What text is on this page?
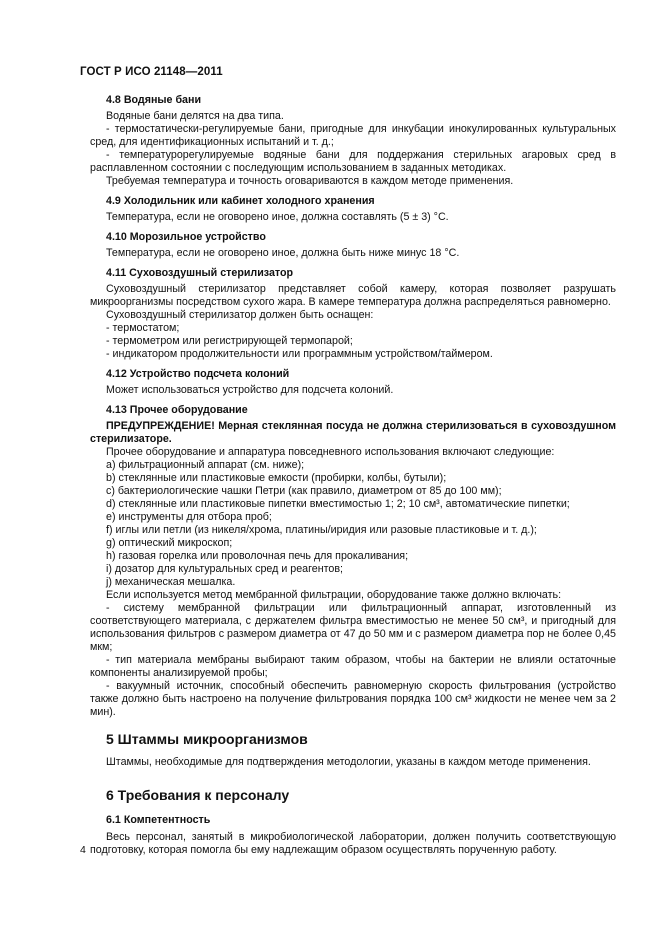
ГОСТ Р ИСО 21148—2011

4.8 Водяные бани

Водяные бани делятся на два типа.

- термостатически-регулируемые бани, пригодные для инкубации инокулированных культуральных сред, для идентификационных испытаний и т. д.;

- температурорегулируемые водяные бани для поддержания стерильных агаровых сред в расплавленном состоянии с последующим использованием в заданных методиках.

Требуемая температура и точность оговариваются в каждом методе применения.

4.9 Холодильник или кабинет холодного хранения

Температура, если не оговорено иное, должна составлять (5 ± 3) °С.

4.10 Морозильное устройство

Температура, если не оговорено иное, должна быть ниже минус 18 °С.

4.11 Суховоздушный стерилизатор

Суховоздушный стерилизатор представляет собой камеру, которая позволяет разрушать микроорганизмы посредством сухого жара. В камере температура должна распределяться равномерно.

Суховоздушный стерилизатор должен быть оснащен:

- термостатом;

- термометром или регистрирующей термопарой;

- индикатором продолжительности или программным устройством/таймером.

4.12 Устройство подсчета колоний

Может использоваться устройство для подсчета колоний.

4.13 Прочее оборудование

ПРЕДУПРЕЖДЕНИЕ! Мерная стеклянная посуда не должна стерилизоваться в суховоздушном стерилизаторе.

Прочее оборудование и аппаратура повседневного использования включают следующие:

a) фильтрационный аппарат (см. ниже);

b) стеклянные или пластиковые емкости (пробирки, колбы, бутыли);

c) бактериологические чашки Петри (как правило, диаметром от 85 до 100 мм);

d) стеклянные или пластиковые пипетки вместимостью 1; 2; 10 см³, автоматические пипетки;

e) инструменты для отбора проб;

f) иглы или петли (из никеля/хрома, платины/иридия или разовые пластиковые и т. д.);

g) оптический микроскоп;

h) газовая горелка или проволочная печь для прокаливания;

i) дозатор для культуральных сред и реагентов;

j) механическая мешалка.

Если используется метод мембранной фильтрации, оборудование также должно включать:

- систему мембранной фильтрации или фильтрационный аппарат, изготовленный из соответствующего материала, с держателем фильтра вместимостью не менее 50 см³, и пригодный для использования фильтров с размером диаметра от 47 до 50 мм и с размером диаметра пор не более 0,45 мкм;

- тип материала мембраны выбирают таким образом, чтобы на бактерии не влияли остаточные компоненты анализируемой пробы;

- вакуумный источник, способный обеспечить равномерную скорость фильтрования (устройство также должно быть настроено на получение фильтрования порядка 100 см³ жидкости не менее чем за 2 мин).

5 Штаммы микроорганизмов

Штаммы, необходимые для подтверждения методологии, указаны в каждом методе применения.

6 Требования к персоналу

6.1 Компетентность

Весь персонал, занятый в микробиологической лаборатории, должен получить соответствующую подготовку, которая помогла бы ему надлежащим образом осуществлять порученную работу.

4
